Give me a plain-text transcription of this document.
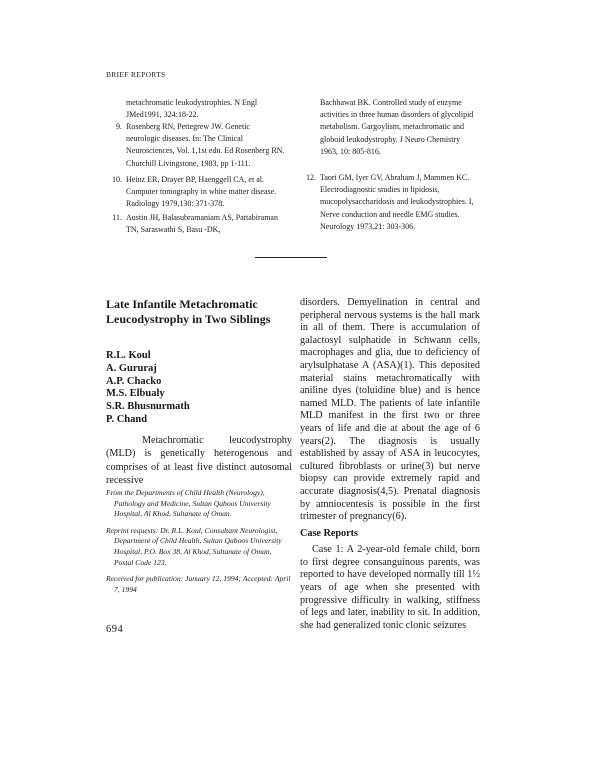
BRIEF REPORTS
metachromatic leukodystrophies. N Engl JMed1991, 324:18-22.
9. Rosenberg RN, Pettegrew JW. Genetic neurologic diseases. In: The Clinical Neurosciences, Vol. 1,1st edn. Ed Rosenberg RN. Churchill Livingstone, 1983, pp 1-111.
10. Heinz ER, Drayer BP, Haenggell CA, et al. Computer tomography in white matter disease. Radiology 1979,130: 371-378.
11. Austin JH, Balasubramaniam AS, Pattabiraman TN, Saraswathi S, Basu -DK,
Bachhawat BK. Controlled study of enzyme activities in three human disorders of glycolipid metabolism. Gargoylism, metachromatic and globoid leukodystrophy. J Neuro Chemistry 1963, 10: 805-816.
12. Taori GM, Iyer GV, Abraham J, Mammen KC. Electrodiagnostic studies in lipidosis, mucopolysaccharidosis and leukodystrophies. I, Nerve conduction and needle EMG studies. Neurology 1973,21: 303-306.
Late Infantile Metachromatic Leucodystrophy in Two Siblings
R.L. Koul
A. Gururaj
A.P. Chacko
M.S. Elbualy
S.R. Bhusnurmath
P. Chand

Metachromatic leucodystrophy (MLD) is genetically heterogenous and comprises of at least five distinct autosomal recessive

From the Departments of Child Health (Neurology), Pathology and Medicine, Sultan Qaboos University Hospital, Al Khod, Sultanate of Oman.

Reprint requests: Dr. R.L. Koul, Consultant Neurologist, Department of Child Health, Sultan Qaboos University Hospital, P.O. Box 38, Al Khod, Sultanate of Oman, Postal Code 123.

Received for publication: January 12, 1994; Accepted: April 7, 1994

disorders. Demyelination in central and peripheral nervous systems is the hall mark in all of them. There is accumulation of galactosyl sulphatide in Schwann cells, macrophages and glia, due to deficiency of arylsulphatase A (ASA)(1). This deposited material stains metachromatically with aniline dyes (toluidine blue) and is hence named MLD. The patients of late infantile MLD manifest in the first two or three years of life and die at about the age of 6 years(2). The diagnosis is usually established by assay of ASA in leucocytes, cultured fibroblasts or urine(3) but nerve biopsy can provide extremely rapid and accurate diagnosis(4,5). Prenatal diagnosis by amniocentesis is possible in the first trimester of pregnancy(6).

Case Reports

Case 1: A 2-year-old female child, born to first degree consanguinous parents, was reported to have developed normally till 1½ years of age when she presented with progressive difficulty in walking, stiffness of legs and later, inability to sit. In addition, she had generalized tonic clonic seizures

694
